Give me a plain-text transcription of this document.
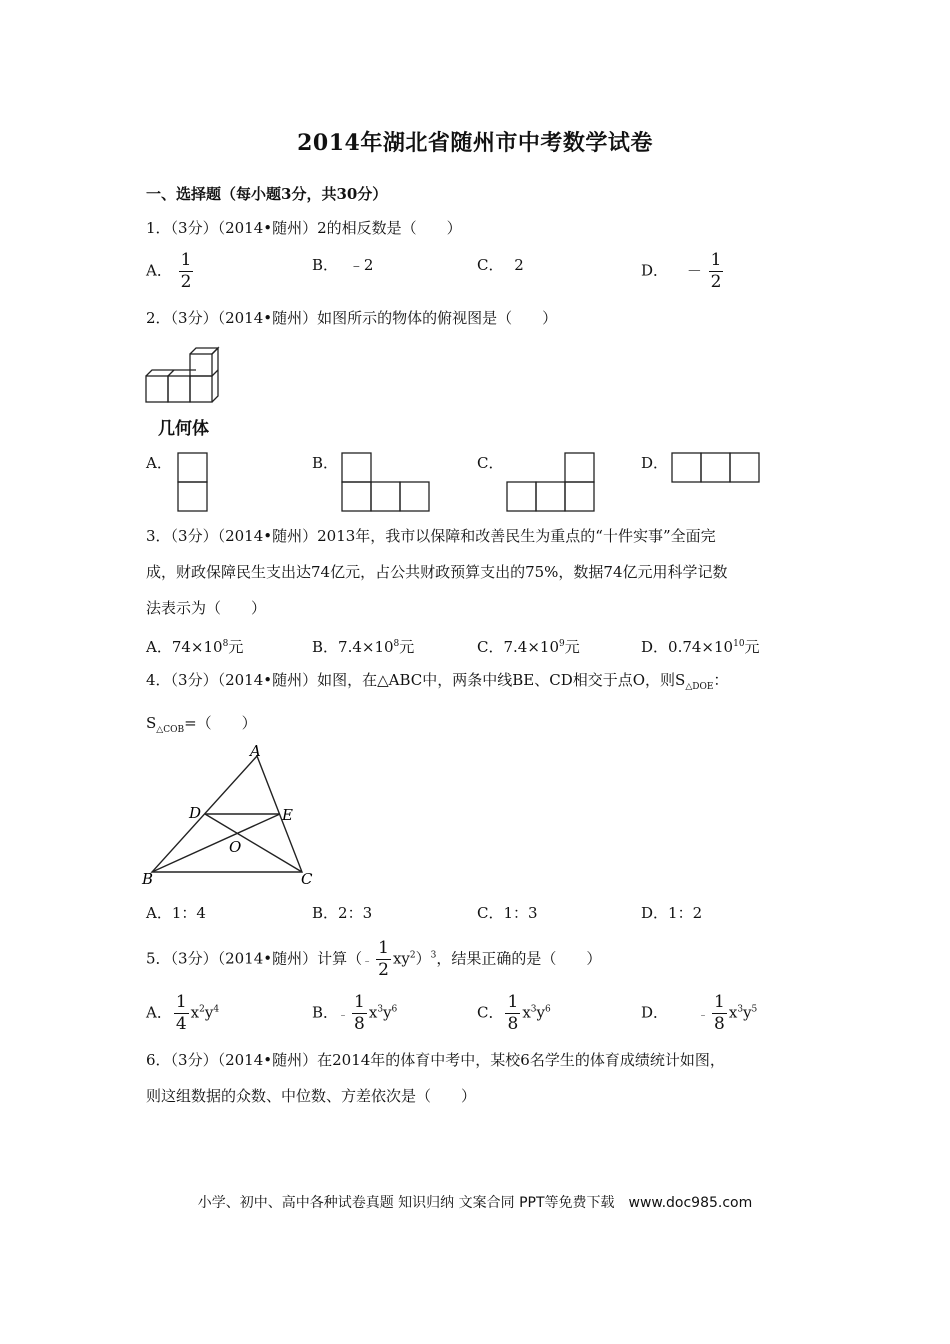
2014年湖北省随州市中考数学试卷
一、选择题（每小题3分，共30分）
1．（3分）（2014•随州）2的相反数是（　　）
A． $\frac{1}{2}$	B． ﹣2	C． 2	D． － $\frac{1}{2}$
2．（3分）（2014•随州）如图所示的物体的俯视图是（　　）
几何体
A．	B．	C．	D．

3．（3分）（2014•随州）2013年，我市以保障和改善民生为重点的“十件实事”全面完

成，财政保障民生支出达74亿元，占公共财政预算支出的75%，数据74亿元用科学记数

法表示为（　　）

A．$74\times 10^8$元	B．$7.4\times 10^8$元	C．$7.4\times 10^9$元	D．$0.74\times 10^{10}$元

4．（3分）（2014•随州）如图，在△ABC中，两条中线BE、CD相交于点O，则$S_{\triangle DOE}$：

$S_{\triangle COB}=$（　　）

A
B	C
D	E
O
A．1：4	B．2：3	C．1：3	D．1：2
5．（3分）（2014•随州）计算（﹣ $\frac{1}{2} xy^2)^3$，结果正确的是（　　）
A． $\frac{1}{4} x^2y^4$	B．﹣ $\frac{1}{8} x^3y^6$	C． $\frac{1}{8} x^3y^6$	D．	﹣ $\frac{1}{8} x^3y^5$

6．（3分）（2014•随州）在2014年的体育中考中，某校6名学生的体育成绩统计如图，

则这组数据的众数、中位数、方差依次是（　　）

小学、初中、高中各种试卷真题 知识归纳 文案合同 PPT等免费下载　www.doc985.com
